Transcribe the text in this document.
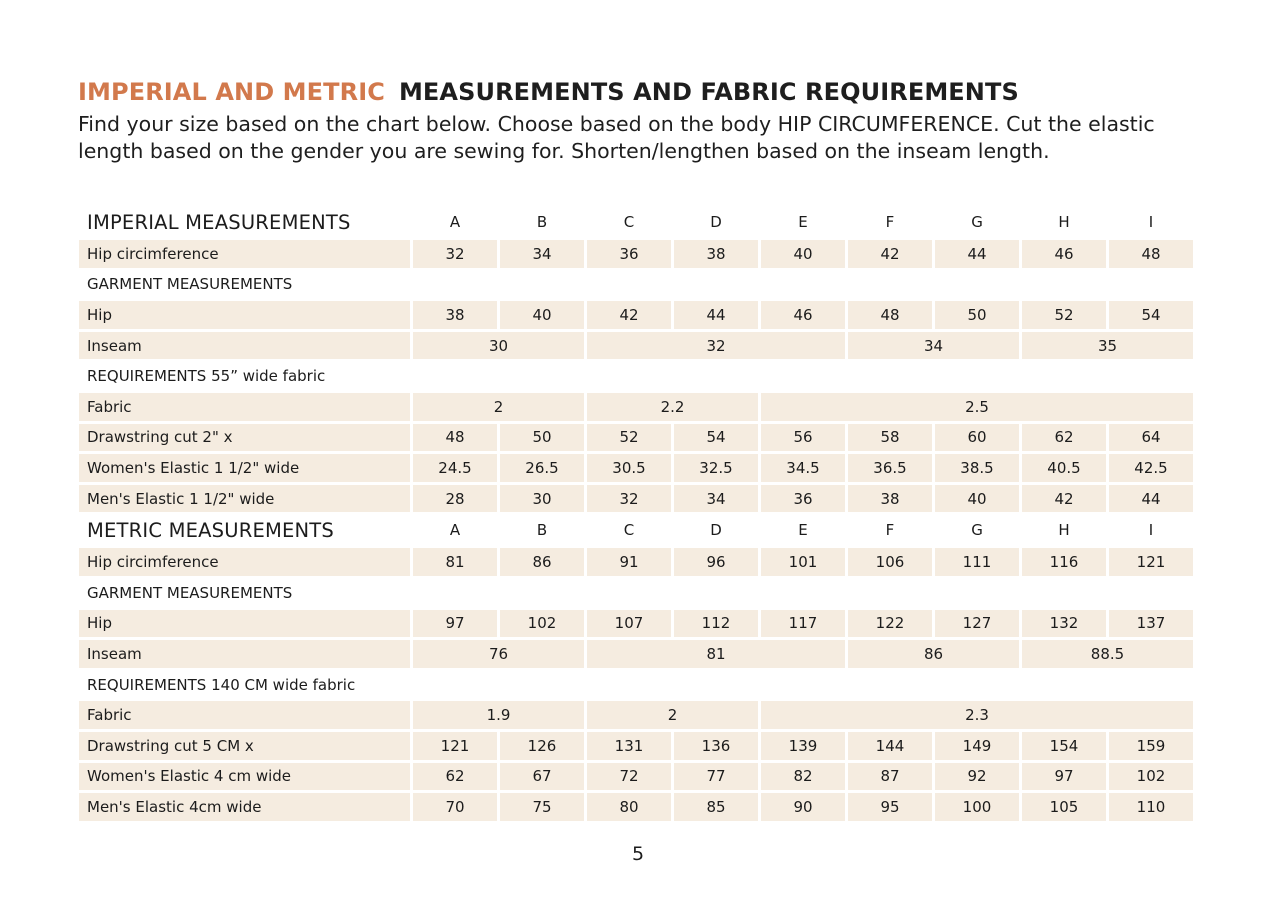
IMPERIAL AND METRIC MEASUREMENTS AND FABRIC REQUIREMENTS
Find your size based on the chart below. Choose based on the body HIP CIRCUMFERENCE. Cut the elastic
length based on the gender you are sewing for. Shorten/lengthen based on the inseam length.
IMPERIAL MEASUREMENTS	A	B	C	D	E	F	G	H	I
Hip circimference	32	34	36	38	40	42	44	46	48
GARMENT MEASUREMENTS									
Hip	38	40	42	44	46	48	50	52	54
Inseam	30		32			34		35	
REQUIREMENTS 55” wide fabric									
Fabric	2		2.2		2.5				
Drawstring cut 2" x	48	50	52	54	56	58	60	62	64
Women's Elastic 1 1/2" wide	24.5	26.5	30.5	32.5	34.5	36.5	38.5	40.5	42.5
Men's Elastic 1 1/2" wide	28	30	32	34	36	38	40	42	44
METRIC MEASUREMENTS	A	B	C	D	E	F	G	H	I
Hip circimference	81	86	91	96	101	106	111	116	121
GARMENT MEASUREMENTS									
Hip	97	102	107	112	117	122	127	132	137
Inseam	76		81			86		88.5	
REQUIREMENTS 140 CM wide fabric									
Fabric	1.9		2		2.3				
Drawstring cut 5 CM x	121	126	131	136	139	144	149	154	159
Women's Elastic 4 cm wide	62	67	72	77	82	87	92	97	102
Men's Elastic 4cm wide	70	75	80	85	90	95	100	105	110
5
